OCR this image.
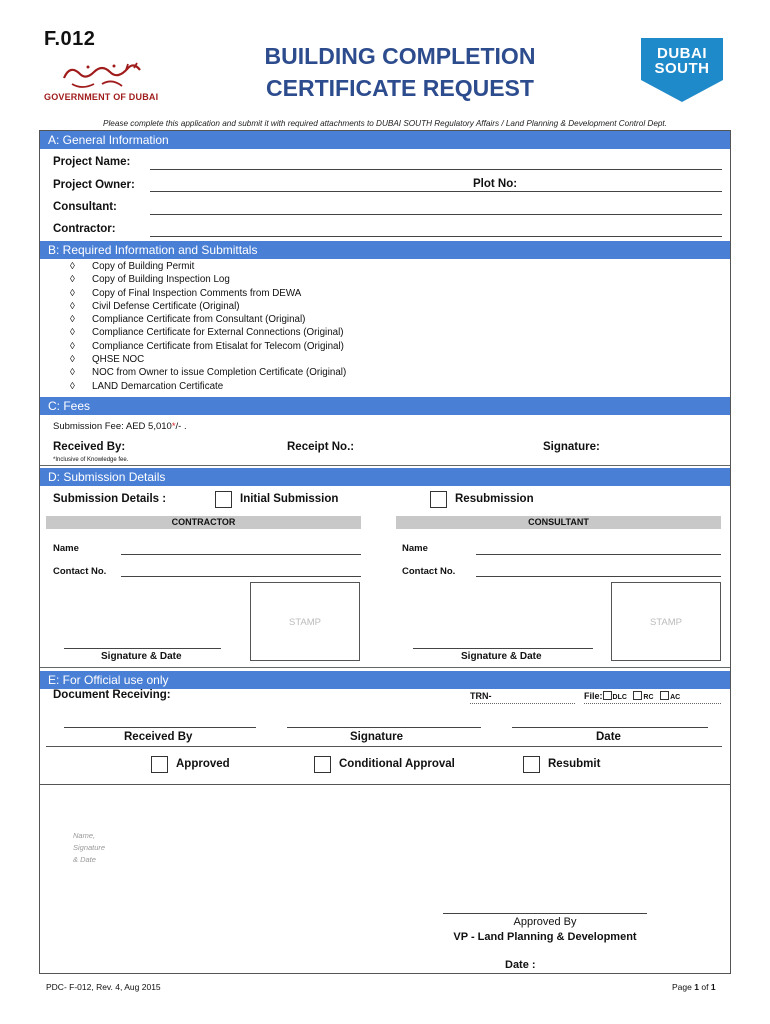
F.012
GOVERNMENT OF DUBAI
BUILDING COMPLETION
CERTIFICATE REQUEST
DUBAI
SOUTH
Please complete this application and submit it with required attachments to DUBAI SOUTH Regulatory Affairs / Land Planning & Development Control Dept.
A: General Information
Project Name:
Project Owner:	Plot No:
Consultant:
Contractor:
B: Required Information and Submittals
◊ Copy of Building Permit
◊ Copy of Building Inspection Log
◊ Copy of Final Inspection Comments from DEWA
◊ Civil Defense Certificate (Original)
◊ Compliance Certificate from Consultant (Original)
◊ Compliance Certificate for External Connections (Original)
◊ Compliance Certificate from Etisalat for Telecom (Original)
◊ QHSE NOC
◊ NOC from Owner to issue Completion Certificate (Original)
◊ LAND Demarcation Certificate
C: Fees
Submission Fee: AED 5,010*/- .
Received By:	Receipt No.:	Signature:
*Inclusive of Knowledge fee.
D: Submission Details
Submission Details :	Initial Submission	Resubmission
CONTRACTOR	CONSULTANT
Name
Contact No.
Name
Contact No.
STAMP	STAMP
Signature & Date	Signature & Date
E: For Official use only
Document Receiving:	TRN-	File: DLC RC AC
Received By	Signature	Date
Approved	Conditional Approval	Resubmit
Name,
Signature
& Date
Approved By
VP - Land Planning & Development
Date :
PDC- F-012, Rev. 4, Aug 2015	Page 1 of 1
